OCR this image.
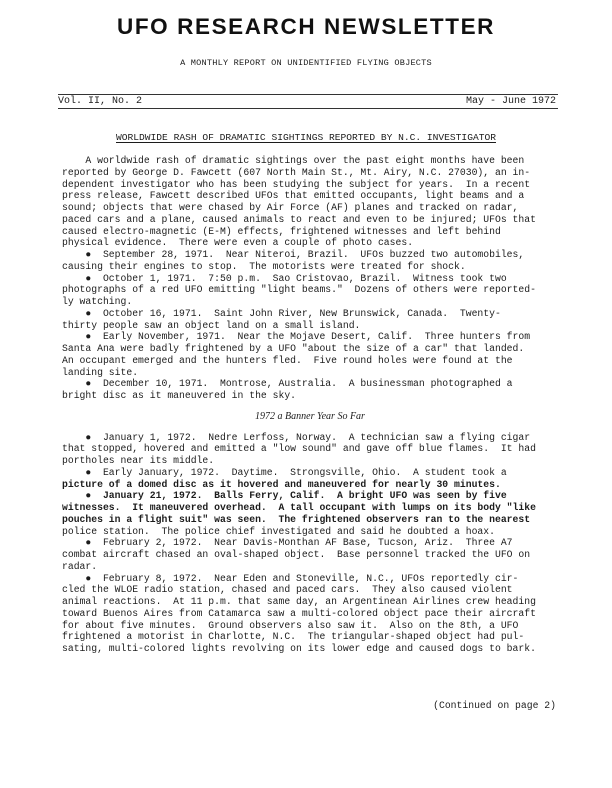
UFO RESEARCH NEWSLETTER
A MONTHLY REPORT ON UNIDENTIFIED FLYING OBJECTS
Vol. II, No. 2	May - June 1972
WORLDWIDE RASH OF DRAMATIC SIGHTINGS REPORTED BY N.C. INVESTIGATOR

A worldwide rash of dramatic sightings over the past eight months have been

reported by George D. Fawcett (607 North Main St., Mt. Airy, N.C. 27030), an in-

dependent investigator who has been studying the subject for years.  In a recent

press release, Fawcett described UFOs that emitted occupants, light beams and a

sound; objects that were chased by Air Force (AF) planes and tracked on radar,

paced cars and a plane, caused animals to react and even to be injured; UFOs that

caused electro-magnetic (E-M) effects, frightened witnesses and left behind

physical evidence.  There were even a couple of photo cases.

●  September 28, 1971.  Near Niteroi, Brazil.  UFOs buzzed two automobiles,

causing their engines to stop.  The motorists were treated for shock.

●  October 1, 1971.  7:50 p.m.  Sao Cristovao, Brazil.  Witness took two

photographs of a red UFO emitting "light beams."  Dozens of others were reported-

ly watching.

●  October 16, 1971.  Saint John River, New Brunswick, Canada.  Twenty-

thirty people saw an object land on a small island.

●  Early November, 1971.  Near the Mojave Desert, Calif.  Three hunters from

Santa Ana were badly frightened by a UFO "about the size of a car" that landed.

An occupant emerged and the hunters fled.  Five round holes were found at the

landing site.

●  December 10, 1971.  Montrose, Australia.  A businessman photographed a

bright disc as it maneuvered in the sky.

1972 a Banner Year So Far

●  January 1, 1972.  Nedre Lerfoss, Norway.  A technician saw a flying cigar

that stopped, hovered and emitted a "low sound" and gave off blue flames.  It had

portholes near its middle.

●  Early January, 1972.  Daytime.  Strongsville, Ohio.  A student took a

picture of a domed disc as it hovered and maneuvered for nearly 30 minutes.

●  January 21, 1972.  Balls Ferry, Calif.  A bright UFO was seen by five

witnesses.  It maneuvered overhead.  A tall occupant with lumps on its body "like

pouches in a flight suit" was seen.  The frightened observers ran to the nearest

police station.  The police chief investigated and said he doubted a hoax.

●  February 2, 1972.  Near Davis-Monthan AF Base, Tucson, Ariz.  Three A7

combat aircraft chased an oval-shaped object.  Base personnel tracked the UFO on

radar.

●  February 8, 1972.  Near Eden and Stoneville, N.C., UFOs reportedly cir-

cled the WLOE radio station, chased and paced cars.  They also caused violent

animal reactions.  At 11 p.m. that same day, an Argentinean Airlines crew heading

toward Buenos Aires from Catamarca saw a multi-colored object pace their aircraft

for about five minutes.  Ground observers also saw it.  Also on the 8th, a UFO

frightened a motorist in Charlotte, N.C.  The triangular-shaped object had pul-

sating, multi-colored lights revolving on its lower edge and caused dogs to bark.

(Continued on page 2)
